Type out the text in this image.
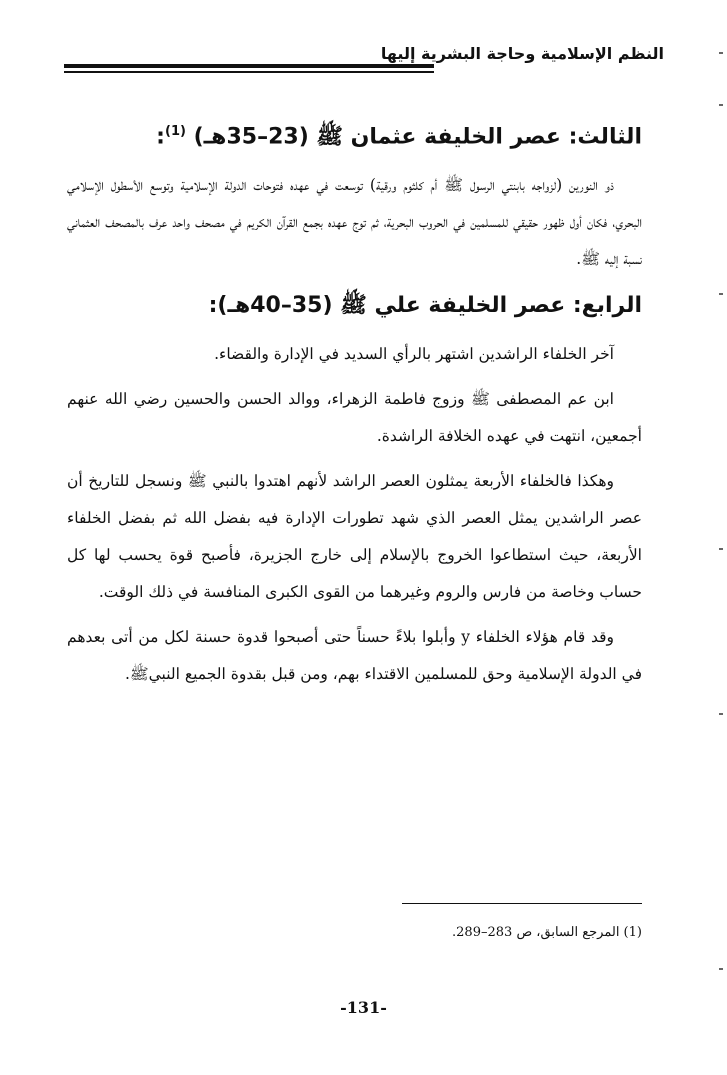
النظم الإسلامية وحاجة البشرية إليها
الثالث: عصر الخليفة عثمان ﷺ (23–35هـ) $^{(1)}$:

ذو النورين (لزواجه بابنتي الرسول ﷺ أم كلثوم ورقية) توسعت في عهده فتوحات الدولة الإسلامية وتوسع الأسطول الإسلامي البحري، فكان أول ظهور حقيقي للمسلمين في الحروب البحرية، ثم توج عهده بجمع القرآن الكريم في مصحف واحد عرف بالمصحف العثماني نسبة إليه ﷺ.

الرابع: عصر الخليفة علي ﷺ (35–40هـ):

آخر الخلفاء الراشدين اشتهر بالرأي السديد في الإدارة والقضاء.

ابن عم المصطفى ﷺ وزوج فاطمة الزهراء، ووالد الحسن والحسين رضي الله عنهم أجمعين، انتهت في عهده الخلافة الراشدة.

وهكذا فالخلفاء الأربعة يمثلون العصر الراشد لأنهم اهتدوا بالنبي ﷺ ونسجل للتاريخ أن عصر الراشدين يمثل العصر الذي شهد تطورات الإدارة فيه بفضل الله ثم بفضل الخلفاء الأربعة، حيث استطاعوا الخروج بالإسلام إلى خارج الجزيرة، فأصبح قوة يحسب لها كل حساب وخاصة من فارس والروم وغيرهما من القوى الكبرى المنافسة في ذلك الوقت.

وقد قام هؤلاء الخلفاء y وأبلوا بلاءً حسناً حتى أصبحوا قدوة حسنة لكل من أتى بعدهم في الدولة الإسلامية وحق للمسلمين الاقتداء بهم، ومن قبل بقدوة الجميع النبيﷺ.

(1) المرجع السابق، ص 283–289.
-131-
